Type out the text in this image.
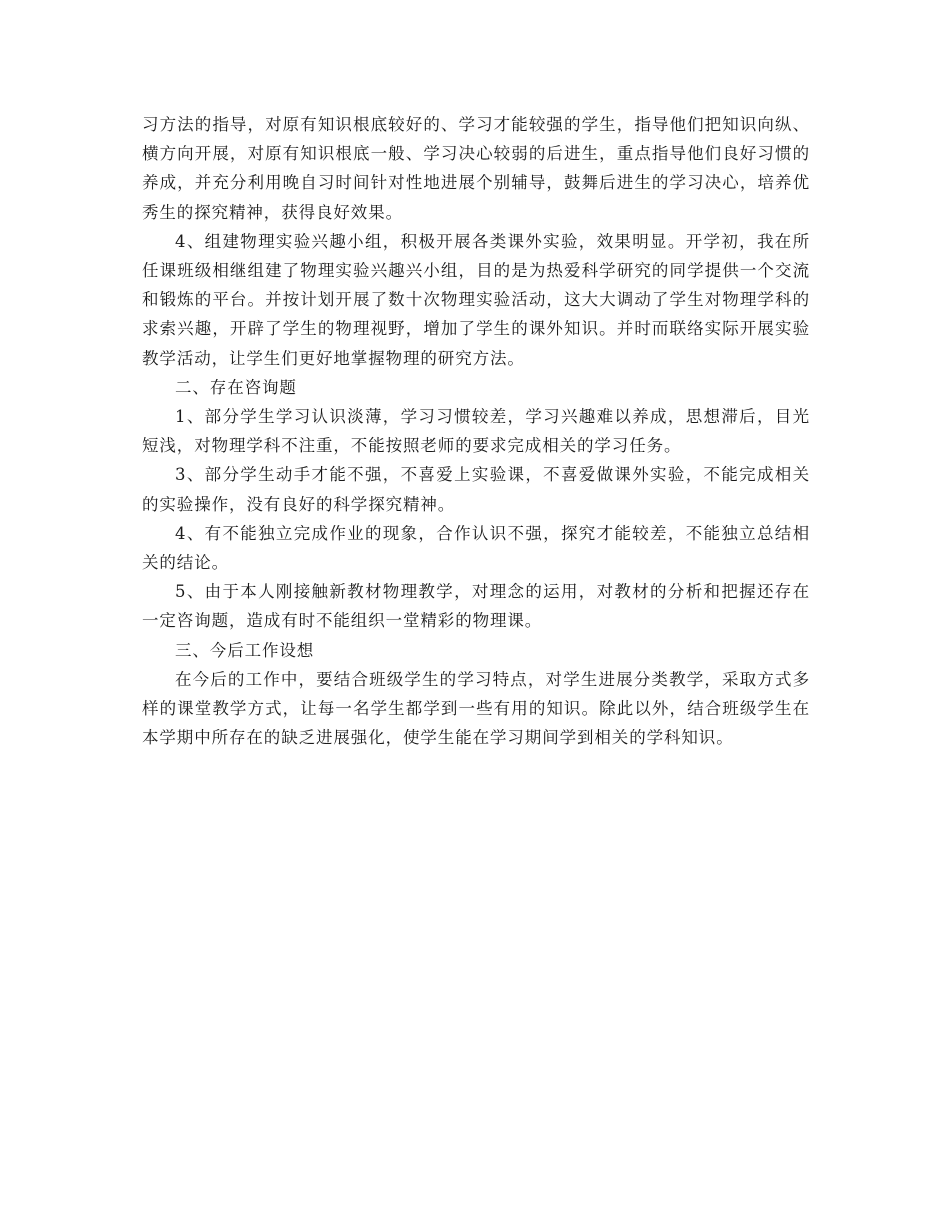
习方法的指导，对原有知识根底较好的、学习才能较强的学生，指导他们把知识向纵、横方向开展，对原有知识根底一般、学习决心较弱的后进生，重点指导他们良好习惯的养成，并充分利用晚自习时间针对性地进展个别辅导，鼓舞后进生的学习决心，培养优秀生的探究精神，获得良好效果。

4、组建物理实验兴趣小组，积极开展各类课外实验，效果明显。开学初，我在所任课班级相继组建了物理实验兴趣兴小组，目的是为热爱科学研究的同学提供一个交流和锻炼的平台。并按计划开展了数十次物理实验活动，这大大调动了学生对物理学科的求索兴趣，开辟了学生的物理视野，增加了学生的课外知识。并时而联络实际开展实验教学活动，让学生们更好地掌握物理的研究方法。

二、存在咨询题

1、部分学生学习认识淡薄，学习习惯较差，学习兴趣难以养成，思想滞后，目光短浅，对物理学科不注重，不能按照老师的要求完成相关的学习任务。

3、部分学生动手才能不强，不喜爱上实验课，不喜爱做课外实验，不能完成相关的实验操作，没有良好的科学探究精神。

4、有不能独立完成作业的现象，合作认识不强，探究才能较差，不能独立总结相关的结论。

5、由于本人刚接触新教材物理教学，对理念的运用，对教材的分析和把握还存在一定咨询题，造成有时不能组织一堂精彩的物理课。

三、今后工作设想

在今后的工作中，要结合班级学生的学习特点，对学生进展分类教学，采取方式多样的课堂教学方式，让每一名学生都学到一些有用的知识。除此以外，结合班级学生在本学期中所存在的缺乏进展强化，使学生能在学习期间学到相关的学科知识。
